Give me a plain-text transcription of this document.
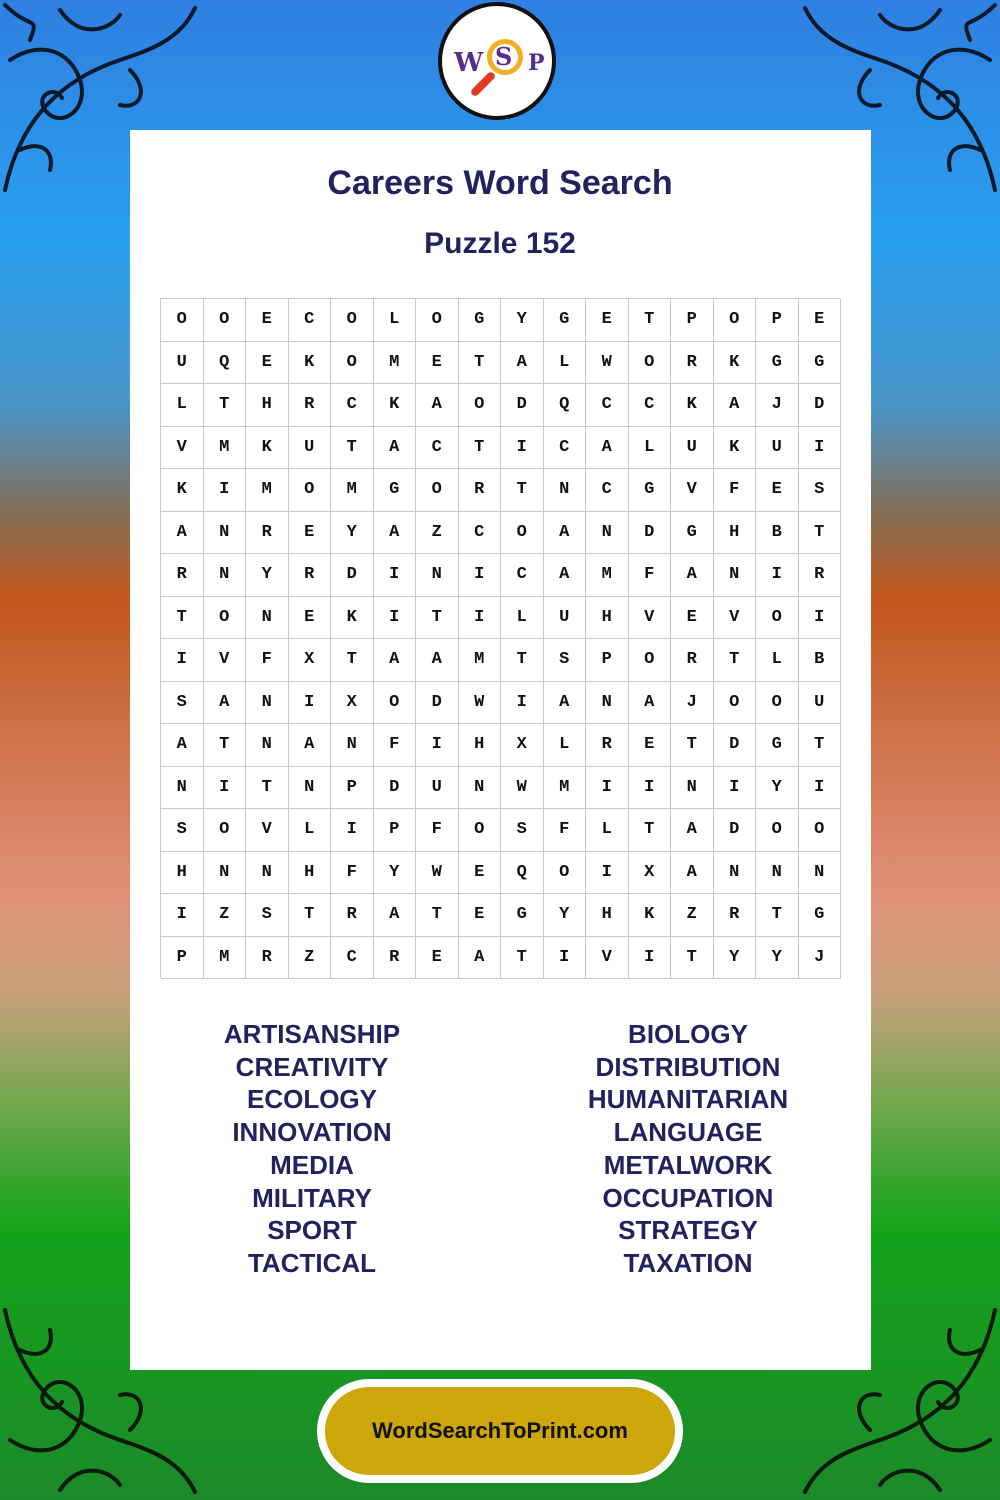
W S P
Careers Word Search
Puzzle 152
O	O	E	C	O	L	O	G	Y	G	E	T	P	O	P	E
U	Q	E	K	O	M	E	T	A	L	W	O	R	K	G	G
L	T	H	R	C	K	A	O	D	Q	C	C	K	A	J	D
V	M	K	U	T	A	C	T	I	C	A	L	U	K	U	I
K	I	M	O	M	G	O	R	T	N	C	G	V	F	E	S
A	N	R	E	Y	A	Z	C	O	A	N	D	G	H	B	T
R	N	Y	R	D	I	N	I	C	A	M	F	A	N	I	R
T	O	N	E	K	I	T	I	L	U	H	V	E	V	O	I
I	V	F	X	T	A	A	M	T	S	P	O	R	T	L	B
S	A	N	I	X	O	D	W	I	A	N	A	J	O	O	U
A	T	N	A	N	F	I	H	X	L	R	E	T	D	G	T
N	I	T	N	P	D	U	N	W	M	I	I	N	I	Y	I
S	O	V	L	I	P	F	O	S	F	L	T	A	D	O	O
H	N	N	H	F	Y	W	E	Q	O	I	X	A	N	N	N
I	Z	S	T	R	A	T	E	G	Y	H	K	Z	R	T	G
P	M	R	Z	C	R	E	A	T	I	V	I	T	Y	Y	J
ARTISANSHIP
CREATIVITY
ECOLOGY
INNOVATION
MEDIA
MILITARY
SPORT
TACTICAL
BIOLOGY
DISTRIBUTION
HUMANITARIAN
LANGUAGE
METALWORK
OCCUPATION
STRATEGY
TAXATION
WordSearchToPrint.com
